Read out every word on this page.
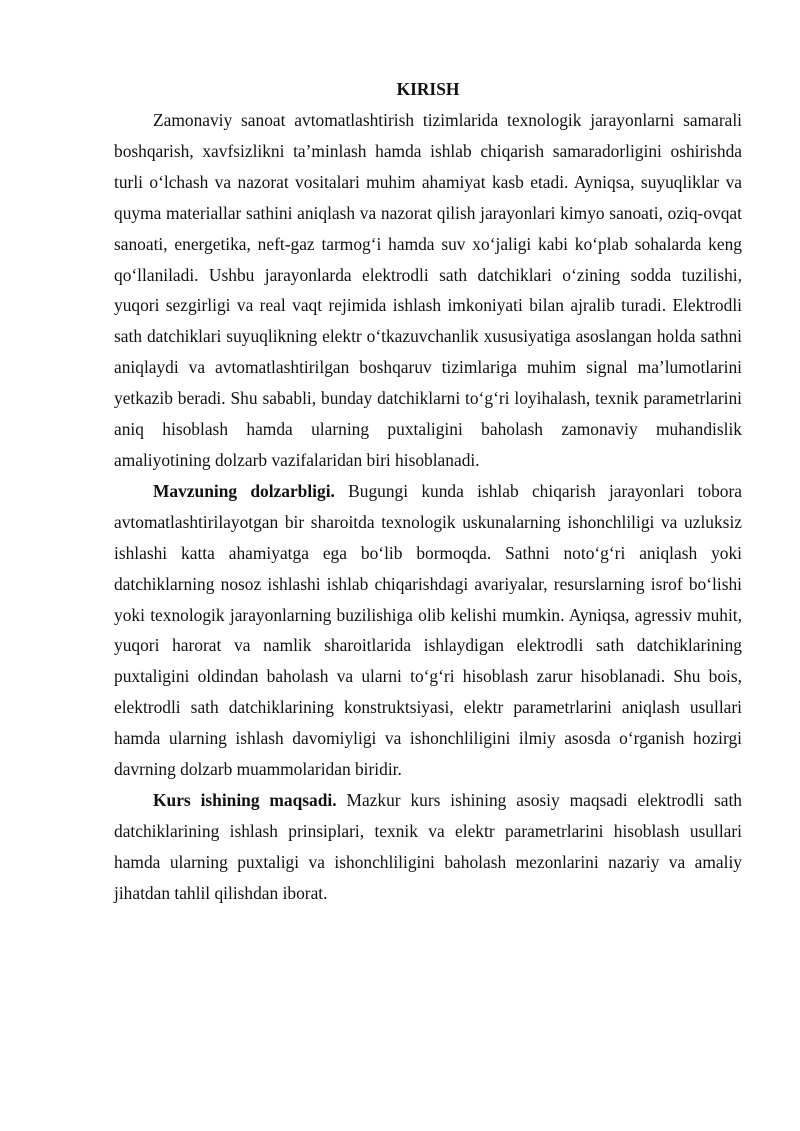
KIRISH

Zamonaviy sanoat avtomatlashtirish tizimlarida texnologik jarayonlarni samarali boshqarish, xavfsizlikni ta’minlash hamda ishlab chiqarish samaradorligini oshirishda turli o‘lchash va nazorat vositalari muhim ahamiyat kasb etadi. Ayniqsa, suyuqliklar va quyma materiallar sathini aniqlash va nazorat qilish jarayonlari kimyo sanoati, oziq-ovqat sanoati, energetika, neft-gaz tarmog‘i hamda suv xo‘jaligi kabi ko‘plab sohalarda keng qo‘llaniladi. Ushbu jarayonlarda elektrodli sath datchiklari o‘zining sodda tuzilishi, yuqori sezgirligi va real vaqt rejimida ishlash imkoniyati bilan ajralib turadi. Elektrodli sath datchiklari suyuqlikning elektr o‘tkazuvchanlik xususiyatiga asoslangan holda sathni aniqlaydi va avtomatlashtirilgan boshqaruv tizimlariga muhim signal ma’lumotlarini yetkazib beradi. Shu sababli, bunday datchiklarni to‘g‘ri loyihalash, texnik parametrlarini aniq hisoblash hamda ularning puxtaligini baholash zamonaviy muhandislik amaliyotining dolzarb vazifalaridan biri hisoblanadi.

Mavzuning dolzarbligi. Bugungi kunda ishlab chiqarish jarayonlari tobora avtomatlashtirilayotgan bir sharoitda texnologik uskunalarning ishonchliligi va uzluksiz ishlashi katta ahamiyatga ega bo‘lib bormoqda. Sathni noto‘g‘ri aniqlash yoki datchiklarning nosoz ishlashi ishlab chiqarishdagi avariyalar, resurslarning isrof bo‘lishi yoki texnologik jarayonlarning buzilishiga olib kelishi mumkin. Ayniqsa, agressiv muhit, yuqori harorat va namlik sharoitlarida ishlaydigan elektrodli sath datchiklarining puxtaligini oldindan baholash va ularni to‘g‘ri hisoblash zarur hisoblanadi. Shu bois, elektrodli sath datchiklarining konstruktsiyasi, elektr parametrlarini aniqlash usullari hamda ularning ishlash davomiyligi va ishonchliligini ilmiy asosda o‘rganish hozirgi davrning dolzarb muammolaridan biridir.

Kurs ishining maqsadi. Mazkur kurs ishining asosiy maqsadi elektrodli sath datchiklarining ishlash prinsiplari, texnik va elektr parametrlarini hisoblash usullari hamda ularning puxtaligi va ishonchliligini baholash mezonlarini nazariy va amaliy jihatdan tahlil qilishdan iborat.
